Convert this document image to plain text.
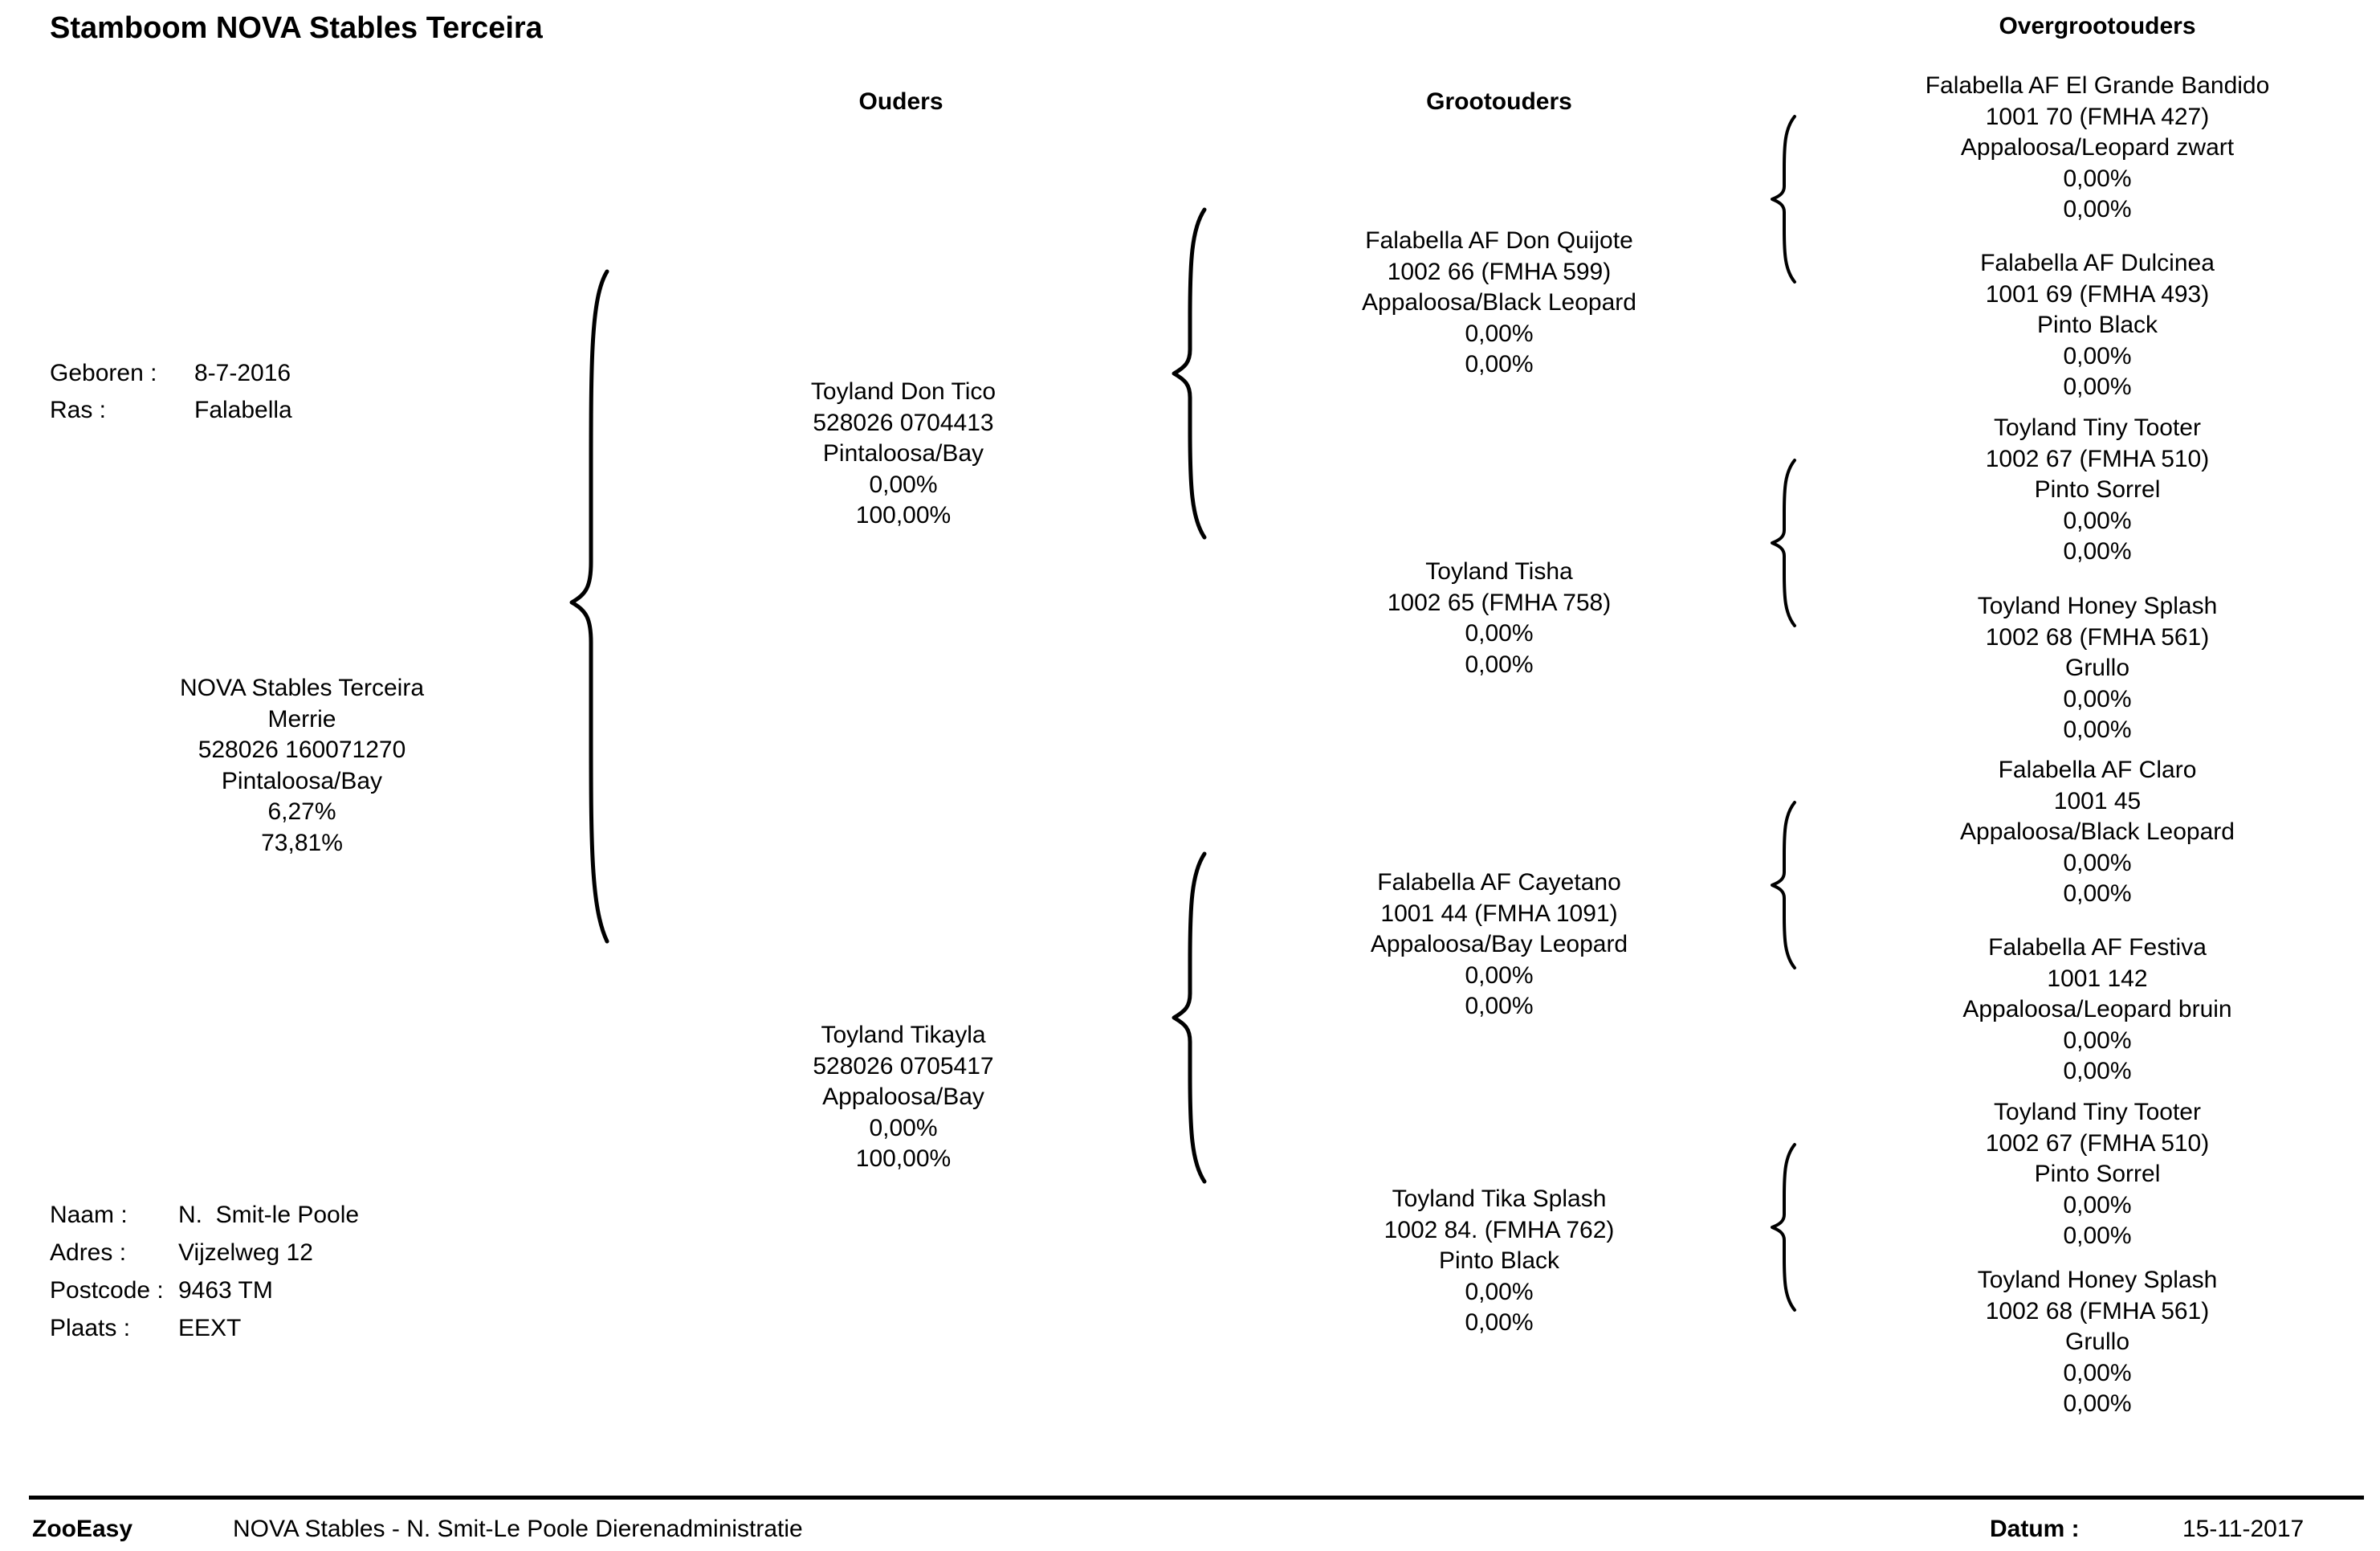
Stamboom NOVA Stables Terceira
Ouders	Grootouders
Overgrootouders
Geboren :	8-7-2016
Ras :	Falabella
NOVA Stables Terceira
Merrie
528026 160071270
Pintaloosa/Bay
6,27%
73,81%
Toyland Don Tico
528026 0704413
Pintaloosa/Bay
0,00%
100,00%
Toyland Tikayla
528026 0705417
Appaloosa/Bay
0,00%
100,00%
Falabella AF Don Quijote
1002 66 (FMHA 599)
Appaloosa/Black Leopard
0,00%
0,00%
Toyland Tisha
1002 65 (FMHA 758)
0,00%
0,00%
Falabella AF Cayetano
1001 44 (FMHA 1091)
Appaloosa/Bay Leopard
0,00%
0,00%
Toyland Tika Splash
1002 84. (FMHA 762)
Pinto Black
0,00%
0,00%
Falabella AF El Grande Bandido
1001 70 (FMHA 427)
Appaloosa/Leopard zwart
0,00%
0,00%
Falabella AF Dulcinea
1001 69 (FMHA 493)
Pinto Black
0,00%
0,00%
Toyland Tiny Tooter
1002 67 (FMHA 510)
Pinto Sorrel
0,00%
0,00%
Toyland Honey Splash
1002 68 (FMHA 561)
Grullo
0,00%
0,00%
Falabella AF Claro
1001 45
Appaloosa/Black Leopard
0,00%
0,00%
Falabella AF Festiva
1001 142
Appaloosa/Leopard bruin
0,00%
0,00%
Toyland Tiny Tooter
1002 67 (FMHA 510)
Pinto Sorrel
0,00%
0,00%
Toyland Honey Splash
1002 68 (FMHA 561)
Grullo
0,00%
0,00%
Naam :	N.  Smit-le Poole
Adres :	Vijzelweg 12
Postcode : 9463 TM
Plaats :	EEXT
ZooEasy	NOVA Stables - N. Smit-Le Poole Dierenadministratie	Datum :	15-11-2017
